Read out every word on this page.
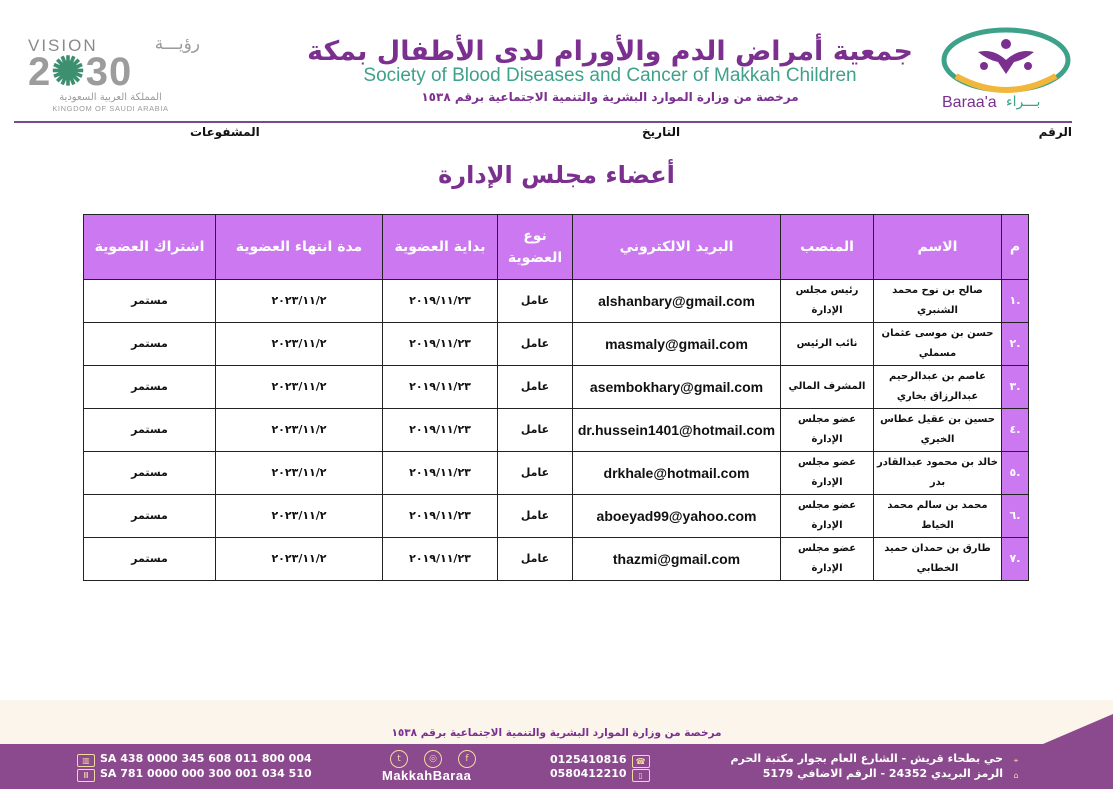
VISION	رؤيـــة
2✺30
المملكة العربية السعودية
KINGDOM OF SAUDI ARABIA
جمعية أمراض الدم والأورام لدى الأطفال بمكة
Society of Blood Diseases and Cancer of Makkah Children
مرخصة من وزارة الموارد البشرية والتنمية الاجتماعية برقم ١٥٣٨	Baraa'a بـــراء
الرقم
التاريخ
المشفوعات
أعضاء مجلس الإدارة
م	الاسم	المنصب	البريد الالكتروني	نوع العضوية	بداية العضوية	مدة انتهاء العضوية	اشتراك العضوية
.١	صالح بن نوح محمد الشنبري	رئيس مجلس الإدارة	alshanbary@gmail.com	عامل	٢٠١٩/١١/٢٣	٢٠٢٣/١١/٢	مستمر
.٢	حسن بن موسى عثمان مسملي	نائب الرئيس	masmaly@gmail.com	عامل	٢٠١٩/١١/٢٣	٢٠٢٣/١١/٢	مستمر
.٣	عاصم بن عبدالرحيم عبدالرزاق بخاري	المشرف المالي	asembokhary@gmail.com	عامل	٢٠١٩/١١/٢٣	٢٠٢٣/١١/٢	مستمر
.٤	حسين بن عقيل عطاس الخيري	عضو مجلس الإدارة	dr.hussein1401@hotmail.com	عامل	٢٠١٩/١١/٢٣	٢٠٢٣/١١/٢	مستمر
.٥	خالد بن محمود عبدالقادر بدر	عضو مجلس الإدارة	drkhale@hotmail.com	عامل	٢٠١٩/١١/٢٣	٢٠٢٣/١١/٢	مستمر
.٦	محمد بن سالم محمد الخياط	عضو مجلس الإدارة	aboeyad99@yahoo.com	عامل	٢٠١٩/١١/٢٣	٢٠٢٣/١١/٢	مستمر
.٧	طارق بن حمدان حميد الخطابي	عضو مجلس الإدارة	thazmi@gmail.com	عامل	٢٠١٩/١١/٢٣	٢٠٢٣/١١/٢	مستمر
مرخصة من وزارة الموارد البشرية والتنمية الاجتماعية برقم ١٥٣٨
▥ SA 438 0000 345 608 011 800 004
Ⅲ SA 781 0000 000 300 001 034 510
t	◎	f
MakkahBaraa
0125410816 ☎
0580412210 ▯
⌖حي بطحاء قريش - الشارع العام بجوار مكتبة الحرم
⌂الرمز البريدي 24352 - الرقم الاضافي 5179
